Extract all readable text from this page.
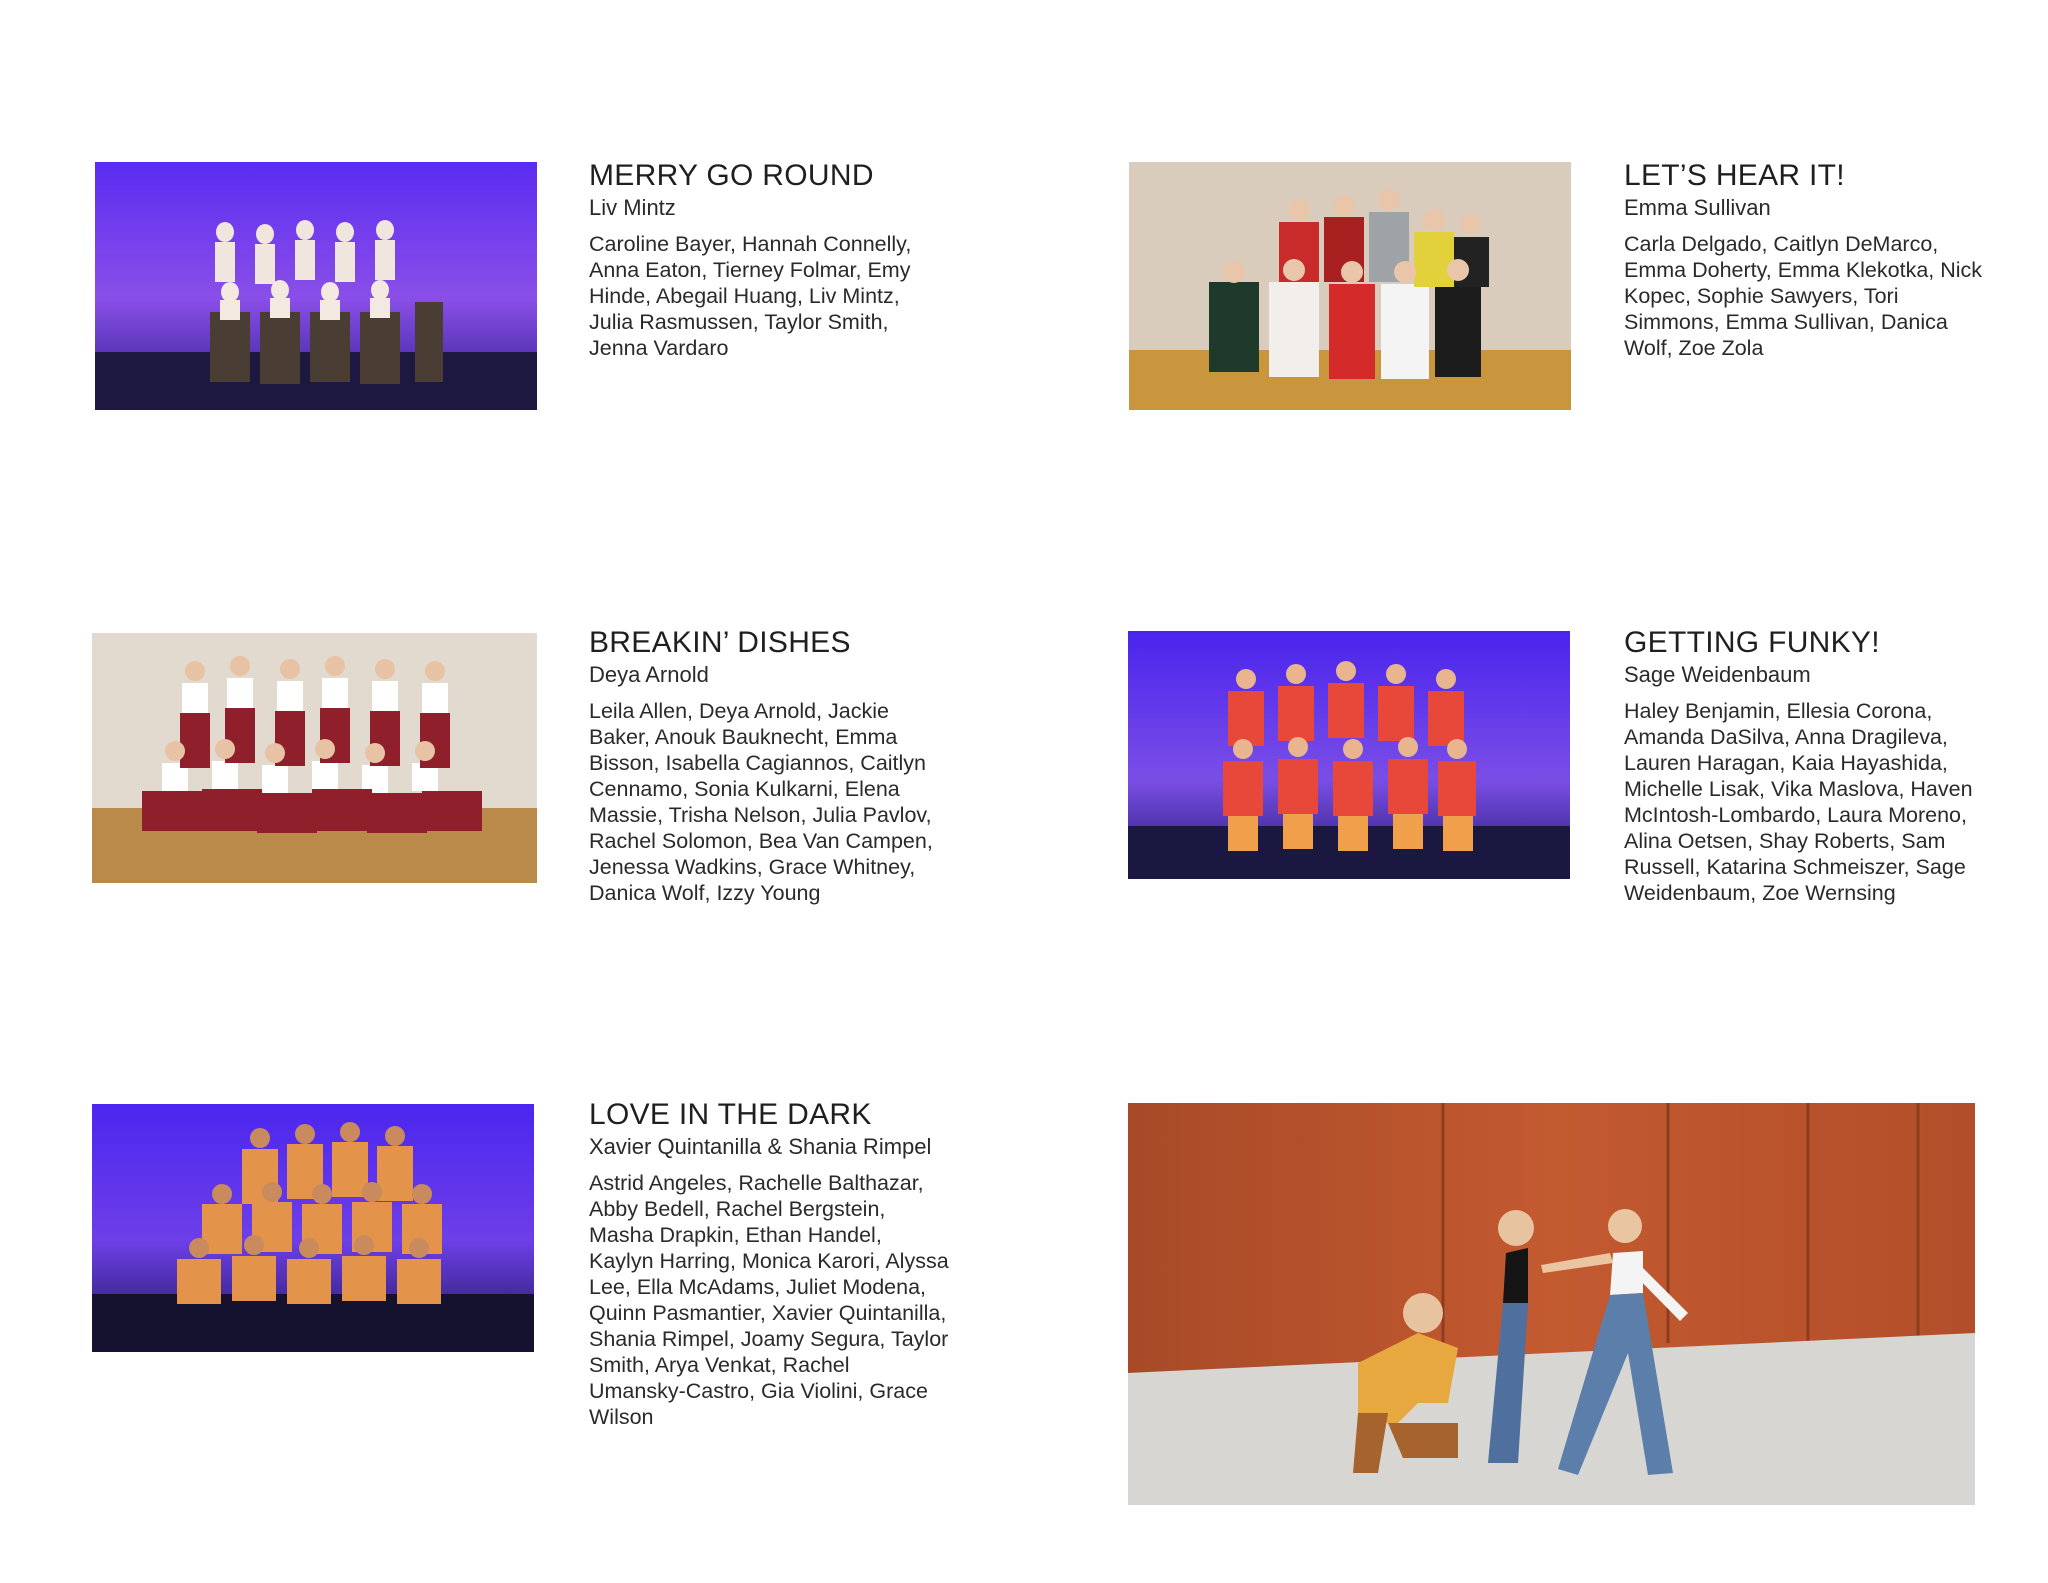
MERRY GO ROUND

Liv Mintz

Caroline Bayer, Hannah Connelly, Anna Eaton, Tierney Folmar, Emy Hinde, Abegail Huang, Liv Mintz, Julia Rasmussen, Taylor Smith, Jenna Vardaro

LET’S HEAR IT!

Emma Sullivan

Carla Delgado, Caitlyn DeMarco, Emma Doherty, Emma Klekotka, Nick Kopec, Sophie Sawyers, Tori Simmons, Emma Sullivan, Danica Wolf, Zoe Zola

BREAKIN’ DISHES

Deya Arnold

Leila Allen, Deya Arnold, Jackie Baker, Anouk Bauknecht, Emma Bisson, Isabella Cagiannos, Caitlyn Cennamo, Sonia Kulkarni, Elena Massie, Trisha Nelson, Julia Pavlov, Rachel Solomon, Bea Van Campen, Jenessa Wadkins, Grace Whitney, Danica Wolf, Izzy Young

GETTING FUNKY!

Sage Weidenbaum

Haley Benjamin, Ellesia Corona, Amanda DaSilva, Anna Dragileva, Lauren Haragan, Kaia Hayashida, Michelle Lisak, Vika Maslova, Haven McIntosh-Lombardo, Laura Moreno, Alina Oetsen, Shay Roberts, Sam Russell, Katarina Schmeiszer, Sage Weidenbaum, Zoe Wernsing

LOVE IN THE DARK

Xavier Quintanilla & Shania Rimpel

Astrid Angeles, Rachelle Balthazar, Abby Bedell, Rachel Bergstein, Masha Drapkin, Ethan Handel, Kaylyn Harring, Monica Karori, Alyssa Lee, Ella McAdams, Juliet Modena, Quinn Pasmantier, Xavier Quintanilla, Shania Rimpel, Joamy Segura, Taylor Smith, Arya Venkat, Rachel Umansky-Castro, Gia Violini, Grace Wilson
